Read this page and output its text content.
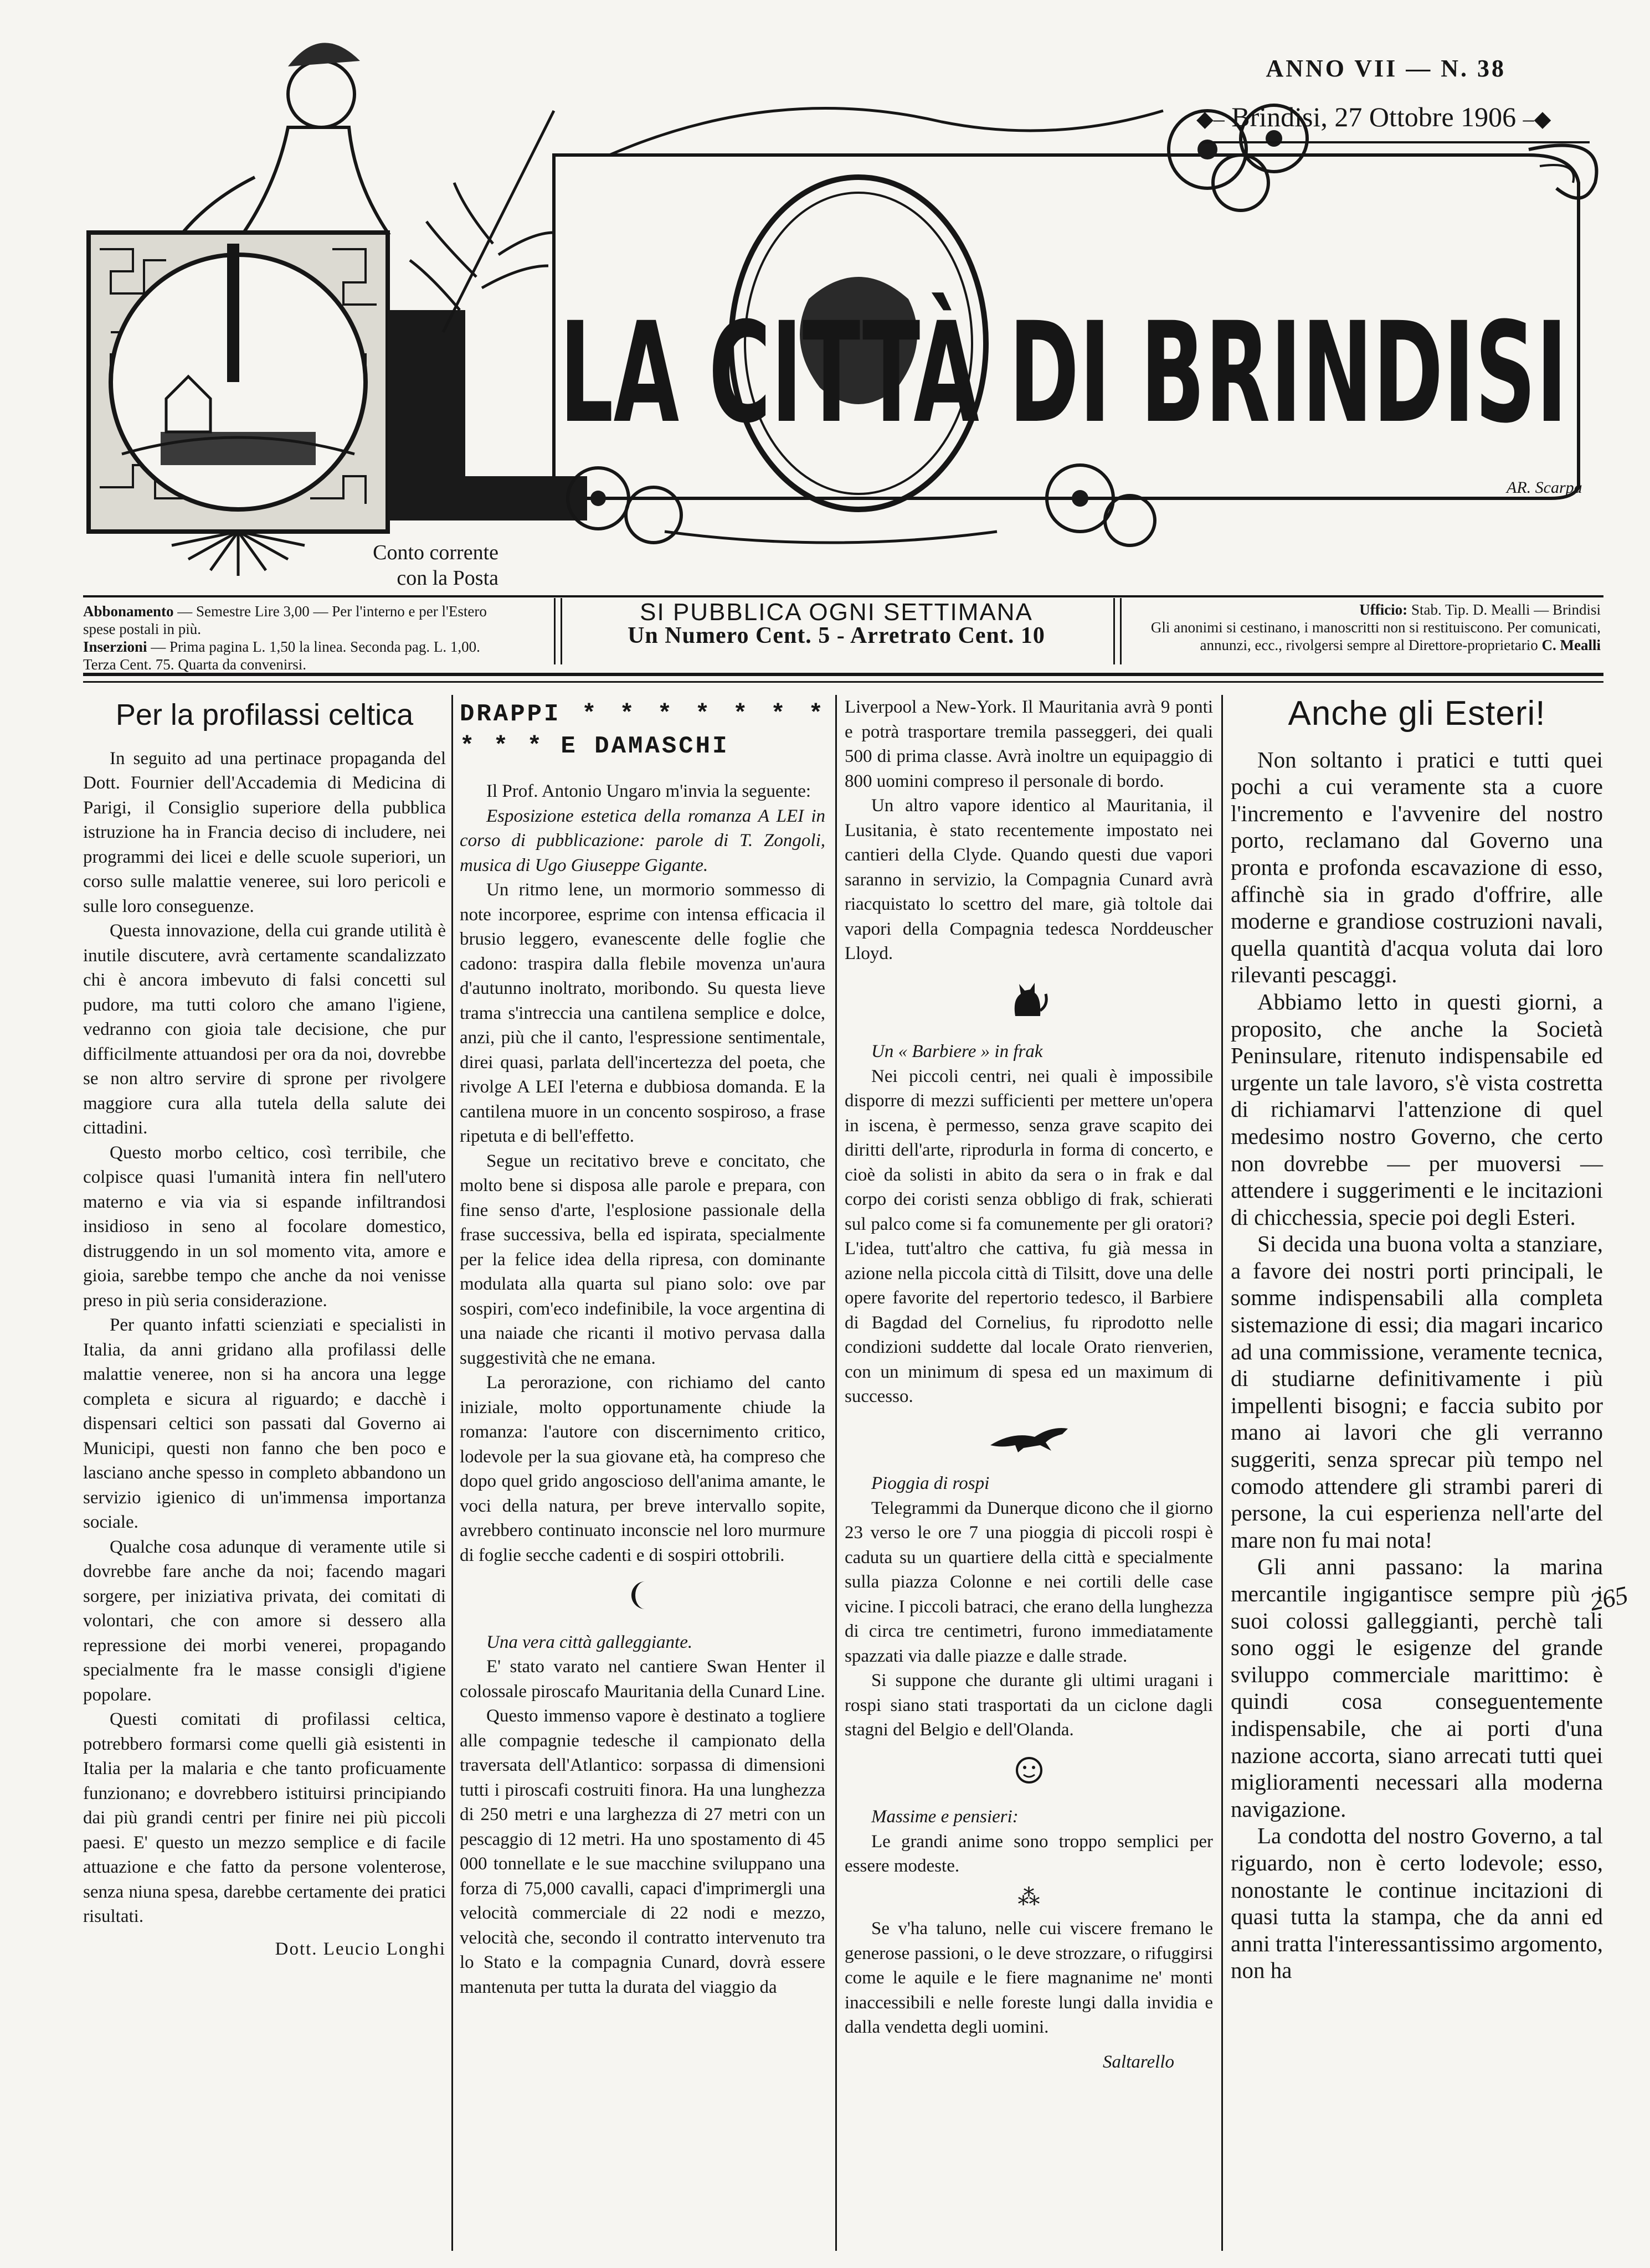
LA CITTÀ DI BRINDISI
AR. Scarpa
ANNO VII — N. 38
◆‒ Brindisi, 27 Ottobre 1906 ‒◆
Conto corrente
con la Posta
Abbonamento — Semestre Lire 3,00 — Per l'interno e per l'Estero spese postali in più.
Inserzioni — Prima pagina L. 1,50 la linea. Seconda pag. L. 1,00. Terza Cent. 75. Quarta da convenirsi.
SI PUBBLICA OGNI SETTIMANA
Un Numero Cent. 5 - Arretrato Cent. 10
Ufficio: Stab. Tip. D. Mealli — Brindisi
Gli anonimi si cestinano, i manoscritti non si restituiscono. Per comunicati, annunzi, ecc., rivolgersi sempre al Direttore-proprietario C. Mealli
Per la profilassi celtica

In seguito ad una pertinace propaganda del Dott. Fournier dell'Accademia di Medicina di Parigi, il Consiglio superiore della pubblica istruzione ha in Francia deciso di includere, nei programmi dei licei e delle scuole superiori, un corso sulle malattie veneree, sui loro pericoli e sulle loro conseguenze.

Questa innovazione, della cui grande utilità è inutile discutere, avrà certamente scandalizzato chi è ancora imbevuto di falsi concetti sul pudore, ma tutti coloro che amano l'igiene, vedranno con gioia tale decisione, che pur difficilmente attuandosi per ora da noi, dovrebbe se non altro servire di sprone per rivolgere maggiore cura alla tutela della salute dei cittadini.

Questo morbo celtico, così terribile, che colpisce quasi l'umanità intera fin nell'utero materno e via via si espande infiltrandosi insidioso in seno al focolare domestico, distruggendo in un sol momento vita, amore e gioia, sarebbe tempo che anche da noi venisse preso in più seria considerazione.

Per quanto infatti scienziati e specialisti in Italia, da anni gridano alla profilassi delle malattie veneree, non si ha ancora una legge completa e sicura al riguardo; e dacchè i dispensari celtici son passati dal Governo ai Municipi, questi non fanno che ben poco e lasciano anche spesso in completo abbandono un servizio igienico di un'immensa importanza sociale.

Qualche cosa adunque di veramente utile si dovrebbe fare anche da noi; facendo magari sorgere, per iniziativa privata, dei comitati di volontari, che con amore si dessero alla repressione dei morbi venerei, propagando specialmente fra le masse consigli d'igiene popolare.

Questi comitati di profilassi celtica, potrebbero formarsi come quelli già esistenti in Italia per la malaria e che tanto proficuamente funzionano; e dovrebbero istituirsi principiando dai più grandi centri per finire nei più piccoli paesi. E' questo un mezzo semplice e di facile attuazione e che fatto da persone volenterose, senza niuna spesa, darebbe certamente dei pratici risultati.

Dott. Leucio Longhi
DRAPPI * * * * * * * * * * E DAMASCHI

Il Prof. Antonio Ungaro m'invia la seguente:

Esposizione estetica della romanza A LEI in corso di pubblicazione: parole di T. Zongoli, musica di Ugo Giuseppe Gigante.

Un ritmo lene, un mormorio sommesso di note incorporee, esprime con intensa efficacia il brusio leggero, evanescente delle foglie che cadono: traspira dalla flebile movenza un'aura d'autunno inoltrato, moribondo. Su questa lieve trama s'intreccia una cantilena semplice e dolce, anzi, più che il canto, l'espressione sentimentale, direi quasi, parlata dell'incertezza del poeta, che rivolge A LEI l'eterna e dubbiosa domanda. E la cantilena muore in un concento sospiroso, a frase ripetuta e di bell'effetto.

Segue un recitativo breve e concitato, che molto bene si disposa alle parole e prepara, con fine senso d'arte, l'esplosione passionale della frase successiva, bella ed ispirata, specialmente per la felice idea della ripresa, con dominante modulata alla quarta sul piano solo: ove par sospiri, com'eco indefinibile, la voce argentina di una naiade che ricanti il motivo pervasa dalla suggestività che ne emana.

La perorazione, con richiamo del canto iniziale, molto opportunamente chiude la romanza: l'autore con discernimento critico, lodevole per la sua giovane età, ha compreso che dopo quel grido angoscioso dell'anima amante, le voci della natura, per breve intervallo sopite, avrebbero continuato inconscie nel loro murmure di foglie secche cadenti e di sospiri ottobrili.

Una vera città galleggiante.

E' stato varato nel cantiere Swan Henter il colossale piroscafo Mauritania della Cunard Line.

Questo immenso vapore è destinato a togliere alle compagnie tedesche il campionato della traversata dell'Atlantico: sorpassa di dimensioni tutti i piroscafi costruiti finora. Ha una lunghezza di 250 metri e una larghezza di 27 metri con un pescaggio di 12 metri. Ha uno spostamento di 45 000 tonnellate e le sue macchine sviluppano una forza di 75,000 cavalli, capaci d'imprimergli una velocità commerciale di 22 nodi e mezzo, velocità che, secondo il contratto intervenuto tra lo Stato e la compagnia Cunard, dovrà essere mantenuta per tutta la durata del viaggio da

Liverpool a New-York. Il Mauritania avrà 9 ponti e potrà trasportare tremila passeggeri, dei quali 500 di prima classe. Avrà inoltre un equipaggio di 800 uomini compreso il personale di bordo.

Un altro vapore identico al Mauritania, il Lusitania, è stato recentemente impostato nei cantieri della Clyde. Quando questi due vapori saranno in servizio, la Compagnia Cunard avrà riacquistato lo scettro del mare, già toltole dai vapori della Compagnia tedesca Norddeuscher Lloyd.

Un « Barbiere » in frak

Nei piccoli centri, nei quali è impossibile disporre di mezzi sufficienti per mettere un'opera in iscena, è permesso, senza grave scapito dei diritti dell'arte, riprodurla in forma di concerto, e cioè da solisti in abito da sera o in frak e dal corpo dei coristi senza obbligo di frak, schierati sul palco come si fa comunemente per gli oratori? L'idea, tutt'altro che cattiva, fu già messa in azione nella piccola città di Tilsitt, dove una delle opere favorite del repertorio tedesco, il Barbiere di Bagdad del Cornelius, fu riprodotto nelle condizioni suddette dal locale Orato rienverien, con un minimum di spesa ed un maximum di successo.

Pioggia di rospi

Telegrammi da Dunerque dicono che il giorno 23 verso le ore 7 una pioggia di piccoli rospi è caduta su un quartiere della città e specialmente sulla piazza Colonne e nei cortili delle case vicine. I piccoli batraci, che erano della lunghezza di circa tre centimetri, furono immediatamente spazzati via dalle piazze e dalle strade.

Si suppone che durante gli ultimi uragani i rospi siano stati trasportati da un ciclone dagli stagni del Belgio e dell'Olanda.

Massime e pensieri:

Le grandi anime sono troppo semplici per essere modeste.

⁂

Se v'ha taluno, nelle cui viscere fremano le generose passioni, o le deve strozzare, o rifuggirsi come le aquile e le fiere magnanime ne' monti inaccessibili e nelle foreste lungi dalla invidia e dalla vendetta degli uomini.

Saltarello
Anche gli Esteri!

Non soltanto i pratici e tutti quei pochi a cui veramente sta a cuore l'incremento e l'avvenire del nostro porto, reclamano dal Governo una pronta e profonda escavazione di esso, affinchè sia in grado d'offrire, alle moderne e grandiose costruzioni navali, quella quantità d'acqua voluta dai loro rilevanti pescaggi.

Abbiamo letto in questi giorni, a proposito, che anche la Società Peninsulare, ritenuto indispensabile ed urgente un tale lavoro, s'è vista costretta di richiamarvi l'attenzione di quel medesimo nostro Governo, che certo non dovrebbe — per muoversi — attendere i suggerimenti e le incitazioni di chicchessia, specie poi degli Esteri.

Si decida una buona volta a stanziare, a favore dei nostri porti principali, le somme indispensabili alla completa sistemazione di essi; dia magari incarico ad una commissione, veramente tecnica, di studiarne definitivamente i più impellenti bisogni; e faccia subito por mano ai lavori che gli verranno suggeriti, senza sprecar più tempo nel comodo attendere gli strambi pareri di persone, la cui esperienza nell'arte del mare non fu mai nota!

Gli anni passano: la marina mercantile ingigantisce sempre più i suoi colossi galleggianti, perchè tali sono oggi le esigenze del grande sviluppo commerciale marittimo: è quindi cosa conseguentemente indispensabile, che ai porti d'una nazione accorta, siano arrecati tutti quei miglioramenti necessari alla moderna navigazione.

La condotta del nostro Governo, a tal riguardo, non è certo lodevole; esso, nonostante le continue incitazioni di quasi tutta la stampa, che da anni ed anni tratta l'interessantissimo argomento, non ha

265
